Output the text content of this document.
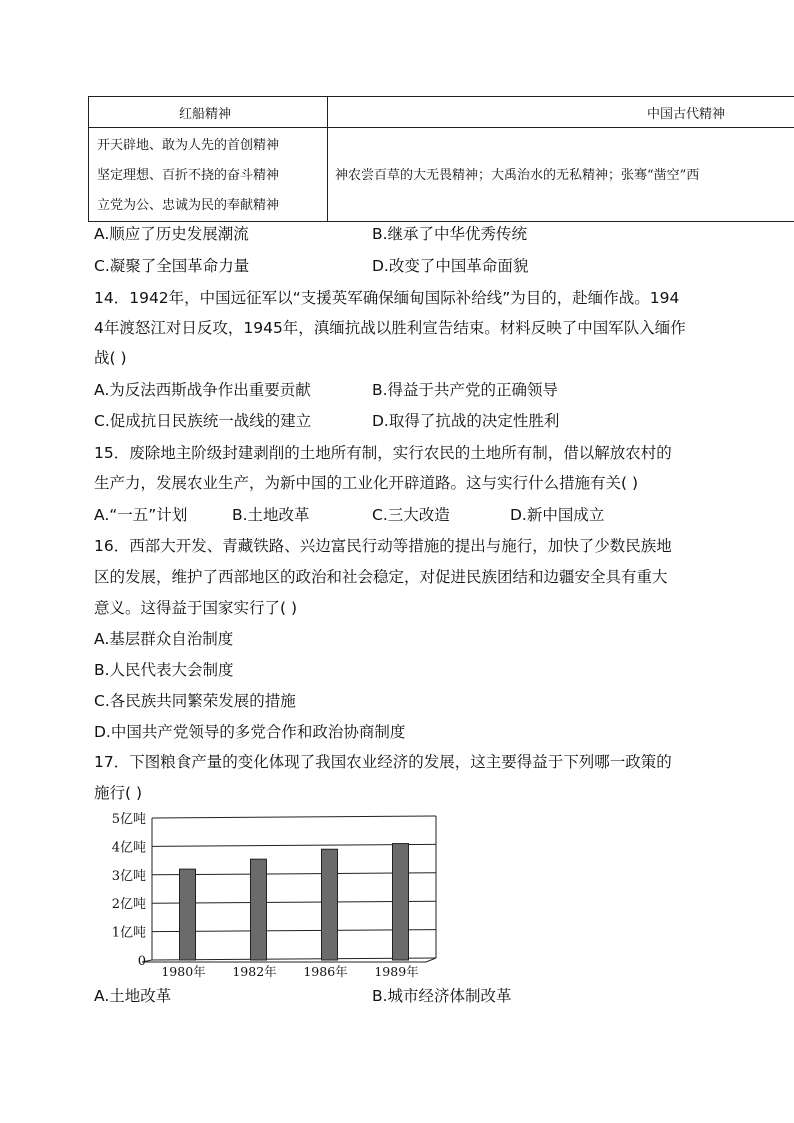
红船精神	中国古代精神
开天辟地、敢为人先的首创精神
坚定理想、百折不挠的奋斗精神
立党为公、忠诚为民的奉献精神
神农尝百草的大无畏精神；大禹治水的无私精神；张骞“凿空”西
A.顺应了历史发展潮流	B.继承了中华优秀传统
C.凝聚了全国革命力量	D.改变了中国革命面貌
14．1942年，中国远征军以“支援英军确保缅甸国际补给线”为目的，赴缅作战。194
4年渡怒江对日反攻，1945年，滇缅抗战以胜利宣告结束。材料反映了中国军队入缅作
战( )
A.为反法西斯战争作出重要贡献	B.得益于共产党的正确领导
C.促成抗日民族统一战线的建立	D.取得了抗战的决定性胜利
15．废除地主阶级封建剥削的土地所有制，实行农民的土地所有制，借以解放农村的
生产力，发展农业生产，为新中国的工业化开辟道路。这与实行什么措施有关( )
A.“一五”计划	B.土地改革	C.三大改造	D.新中国成立
16．西部大开发、青藏铁路、兴边富民行动等措施的提出与施行，加快了少数民族地
区的发展，维护了西部地区的政治和社会稳定，对促进民族团结和边疆安全具有重大
意义。这得益于国家实行了( )
A.基层群众自治制度
B.人民代表大会制度
C.各民族共同繁荣发展的措施
D.中国共产党领导的多党合作和政治协商制度
17．下图粮食产量的变化体现了我国农业经济的发展，这主要得益于下列哪一政策的
施行( )
0
1亿吨
2亿吨
3亿吨
4亿吨
5亿吨
1980年 1982年 1986年 1989年
A.土地改革	B.城市经济体制改革
